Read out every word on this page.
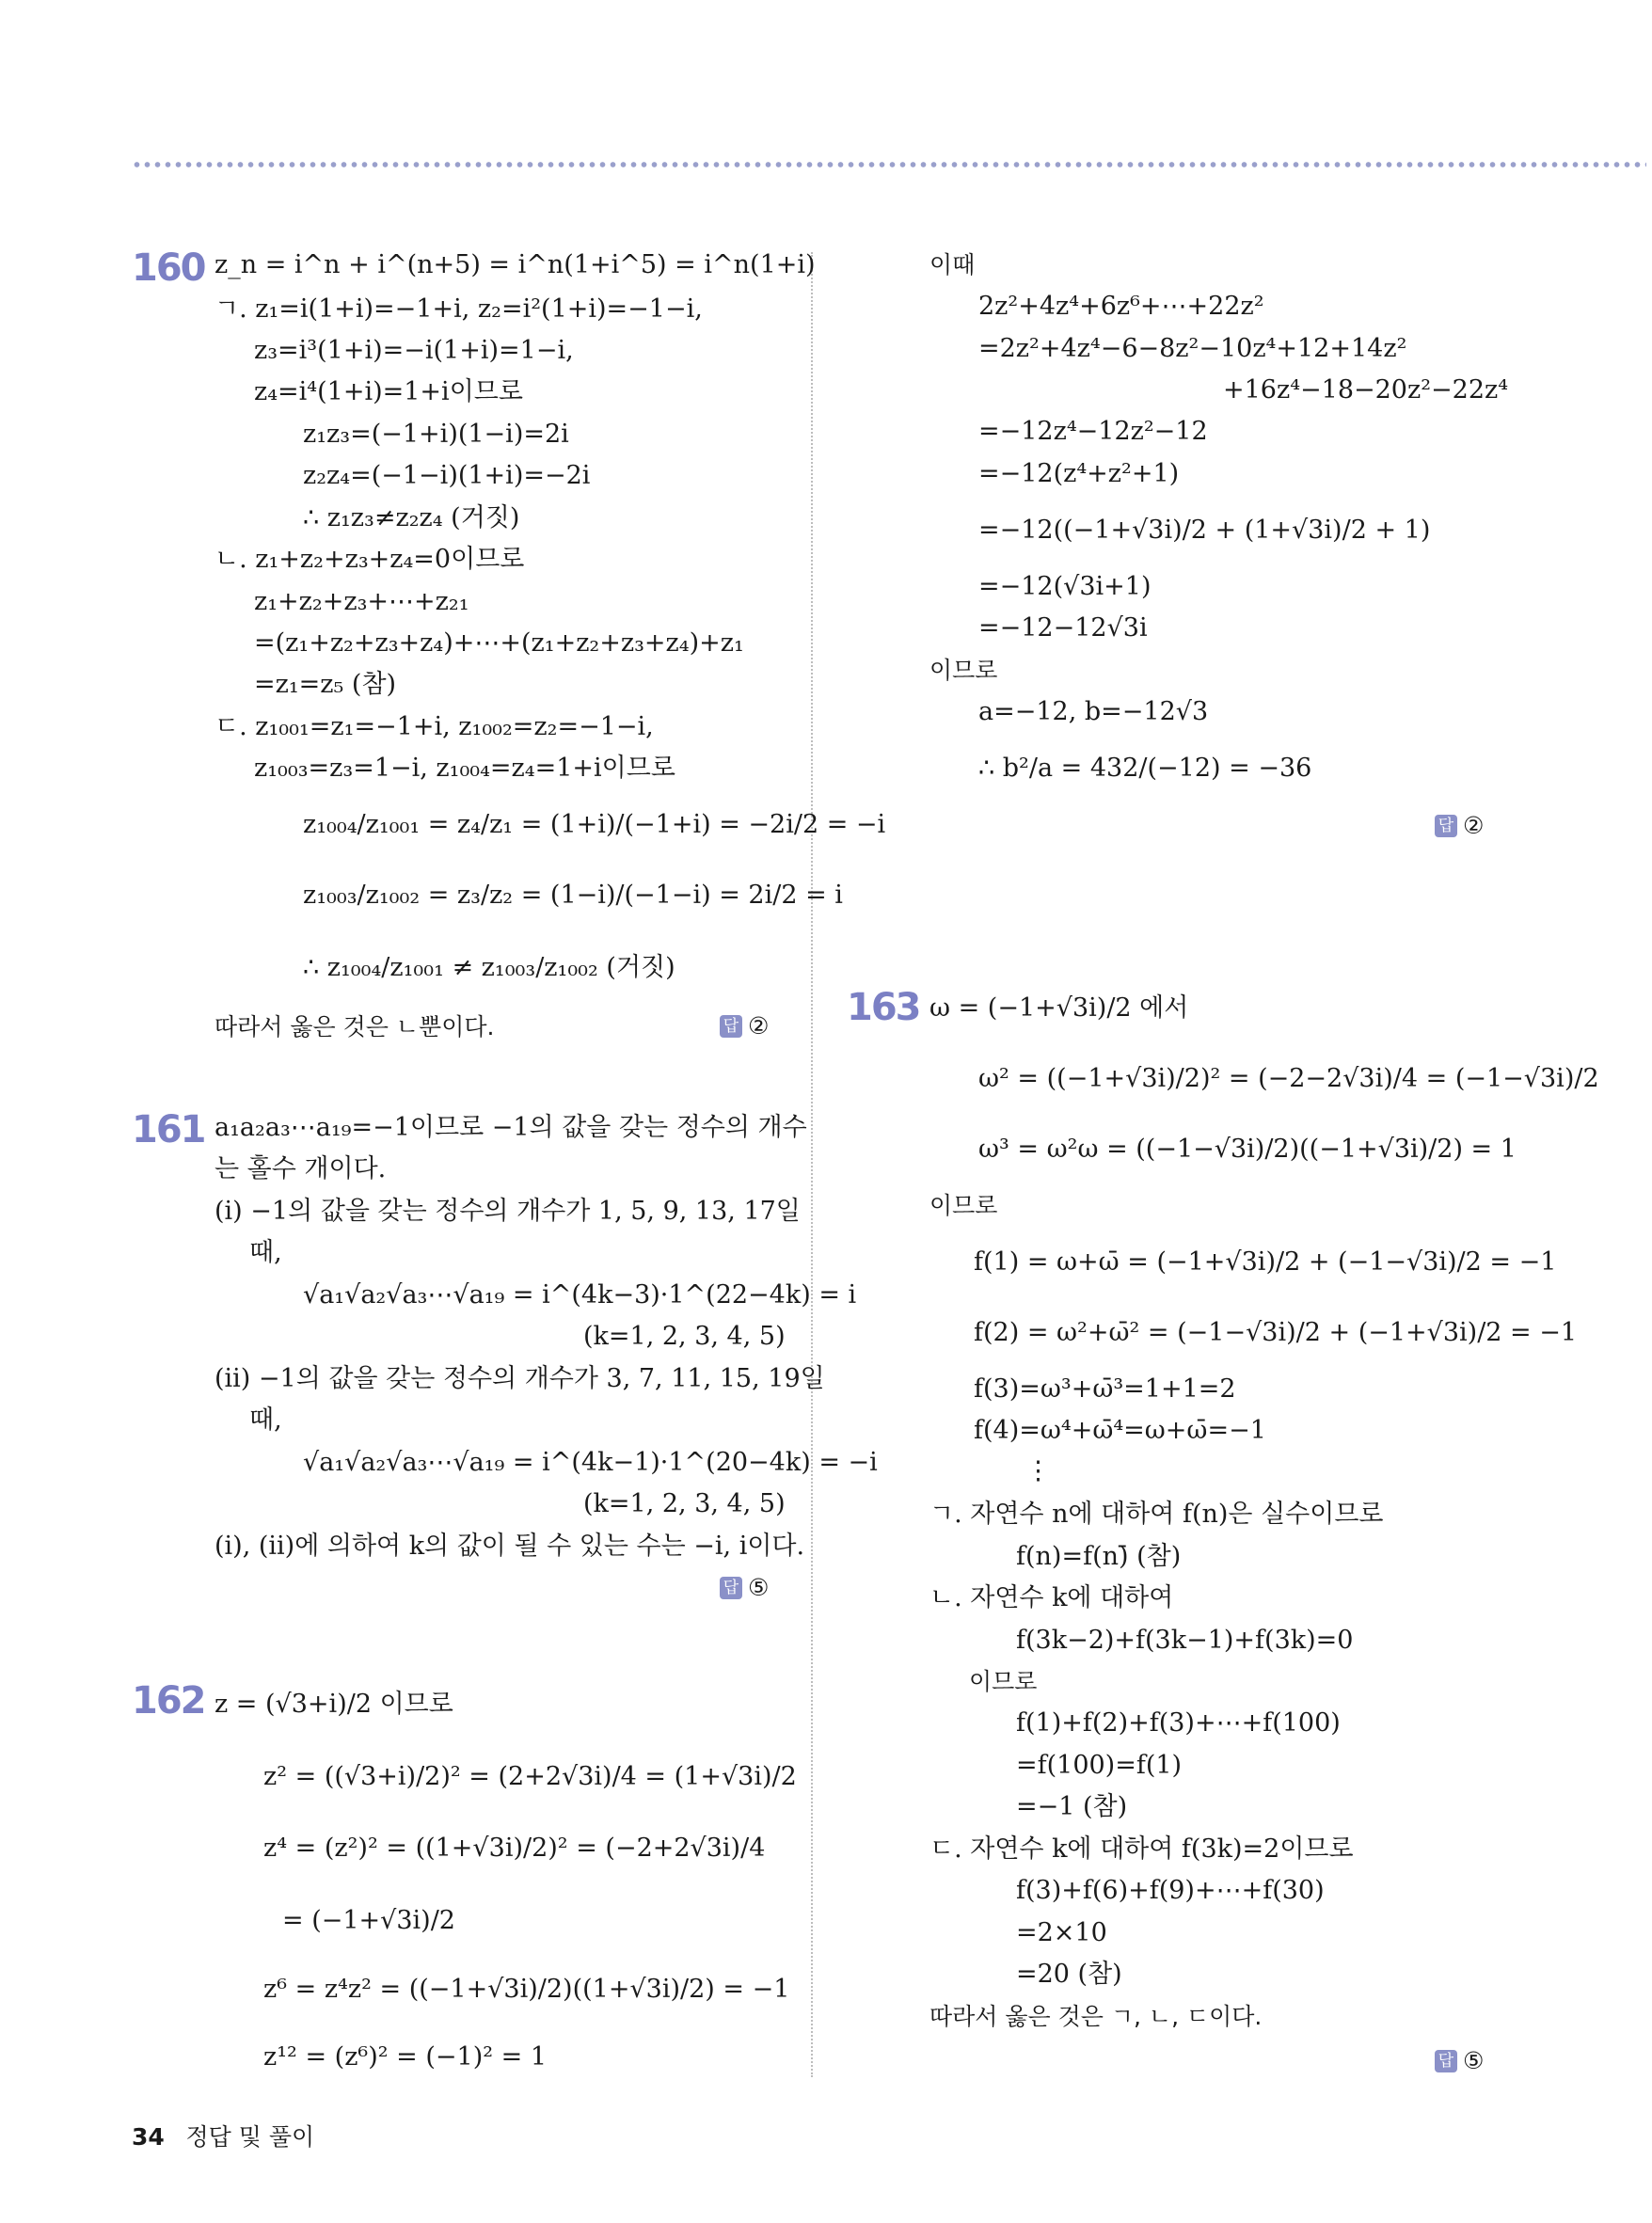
160 z_n = i^n + i^(n+5) = i^n(1+i^5) = i^n(1+i)
ㄱ. z₁=i(1+i)=−1+i, z₂=i²(1+i)=−1−i,
z₃=i³(1+i)=−i(1+i)=1−i,
z₄=i⁴(1+i)=1+i이므로
z₁z₃=(−1+i)(1−i)=2i
z₂z₄=(−1−i)(1+i)=−2i
∴ z₁z₃≠z₂z₄ (거짓)
ㄴ. z₁+z₂+z₃+z₄=0이므로
z₁+z₂+z₃+⋯+z₂₁
=(z₁+z₂+z₃+z₄)+⋯+(z₁+z₂+z₃+z₄)+z₁
=z₁=z₅ (참)
ㄷ. z₁₀₀₁=z₁=−1+i, z₁₀₀₂=z₂=−1−i,
z₁₀₀₃=z₃=1−i, z₁₀₀₄=z₄=1+i이므로
z₁₀₀₄/z₁₀₀₁ = z₄/z₁ = (1+i)/(−1+i) = −2i/2 = −i
z₁₀₀₃/z₁₀₀₂ = z₃/z₂ = (1−i)/(−1−i) = 2i/2 = i
∴ z₁₀₀₄/z₁₀₀₁ ≠ z₁₀₀₃/z₁₀₀₂ (거짓)
따라서 옳은 것은 ㄴ뿐이다.	답 ②
161 a₁a₂a₃⋯a₁₉=−1이므로 −1의 값을 갖는 정수의 개수
는 홀수 개이다.
(ⅰ) −1의 값을 갖는 정수의 개수가 1, 5, 9, 13, 17일
때,
√a₁√a₂√a₃⋯√a₁₉ = i^(4k−3)·1^(22−4k) = i
(k=1, 2, 3, 4, 5)
(ⅱ) −1의 값을 갖는 정수의 개수가 3, 7, 11, 15, 19일
때,
√a₁√a₂√a₃⋯√a₁₉ = i^(4k−1)·1^(20−4k) = −i
(k=1, 2, 3, 4, 5)
(ⅰ), (ⅱ)에 의하여 k의 값이 될 수 있는 수는 −i, i이다.
답 ⑤
162 z = (√3+i)/2 이므로
z² = ((√3+i)/2)² = (2+2√3i)/4 = (1+√3i)/2
z⁴ = (z²)² = ((1+√3i)/2)² = (−2+2√3i)/4
= (−1+√3i)/2
z⁶ = z⁴z² = ((−1+√3i)/2)((1+√3i)/2) = −1
z¹² = (z⁶)² = (−1)² = 1
이때
2z²+4z⁴+6z⁶+⋯+22z²
=2z²+4z⁴−6−8z²−10z⁴+12+14z²
+16z⁴−18−20z²−22z⁴
=−12z⁴−12z²−12
=−12(z⁴+z²+1)
=−12((−1+√3i)/2 + (1+√3i)/2 + 1)
=−12(√3i+1)
=−12−12√3i
이므로
a=−12, b=−12√3
∴ b²/a = 432/(−12) = −36
답 ②
163 ω = (−1+√3i)/2 에서
ω² = ((−1+√3i)/2)² = (−2−2√3i)/4 = (−1−√3i)/2
ω³ = ω²ω = ((−1−√3i)/2)((−1+√3i)/2) = 1
이므로
f(1) = ω+ω̄ = (−1+√3i)/2 + (−1−√3i)/2 = −1
f(2) = ω²+ω̄² = (−1−√3i)/2 + (−1+√3i)/2 = −1
f(3)=ω³+ω̄³=1+1=2
f(4)=ω⁴+ω̄⁴=ω+ω̄=−1
⋮
ㄱ. 자연수 n에 대하여 f(n)은 실수이므로
f(n)=f(n)̄ (참)
ㄴ. 자연수 k에 대하여
f(3k−2)+f(3k−1)+f(3k)=0
이므로
f(1)+f(2)+f(3)+⋯+f(100)
=f(100)=f(1)
=−1 (참)
ㄷ. 자연수 k에 대하여 f(3k)=2이므로
f(3)+f(6)+f(9)+⋯+f(30)
=2×10
=20 (참)
따라서 옳은 것은 ㄱ, ㄴ, ㄷ이다.
답 ⑤
34 정답 및 풀이
